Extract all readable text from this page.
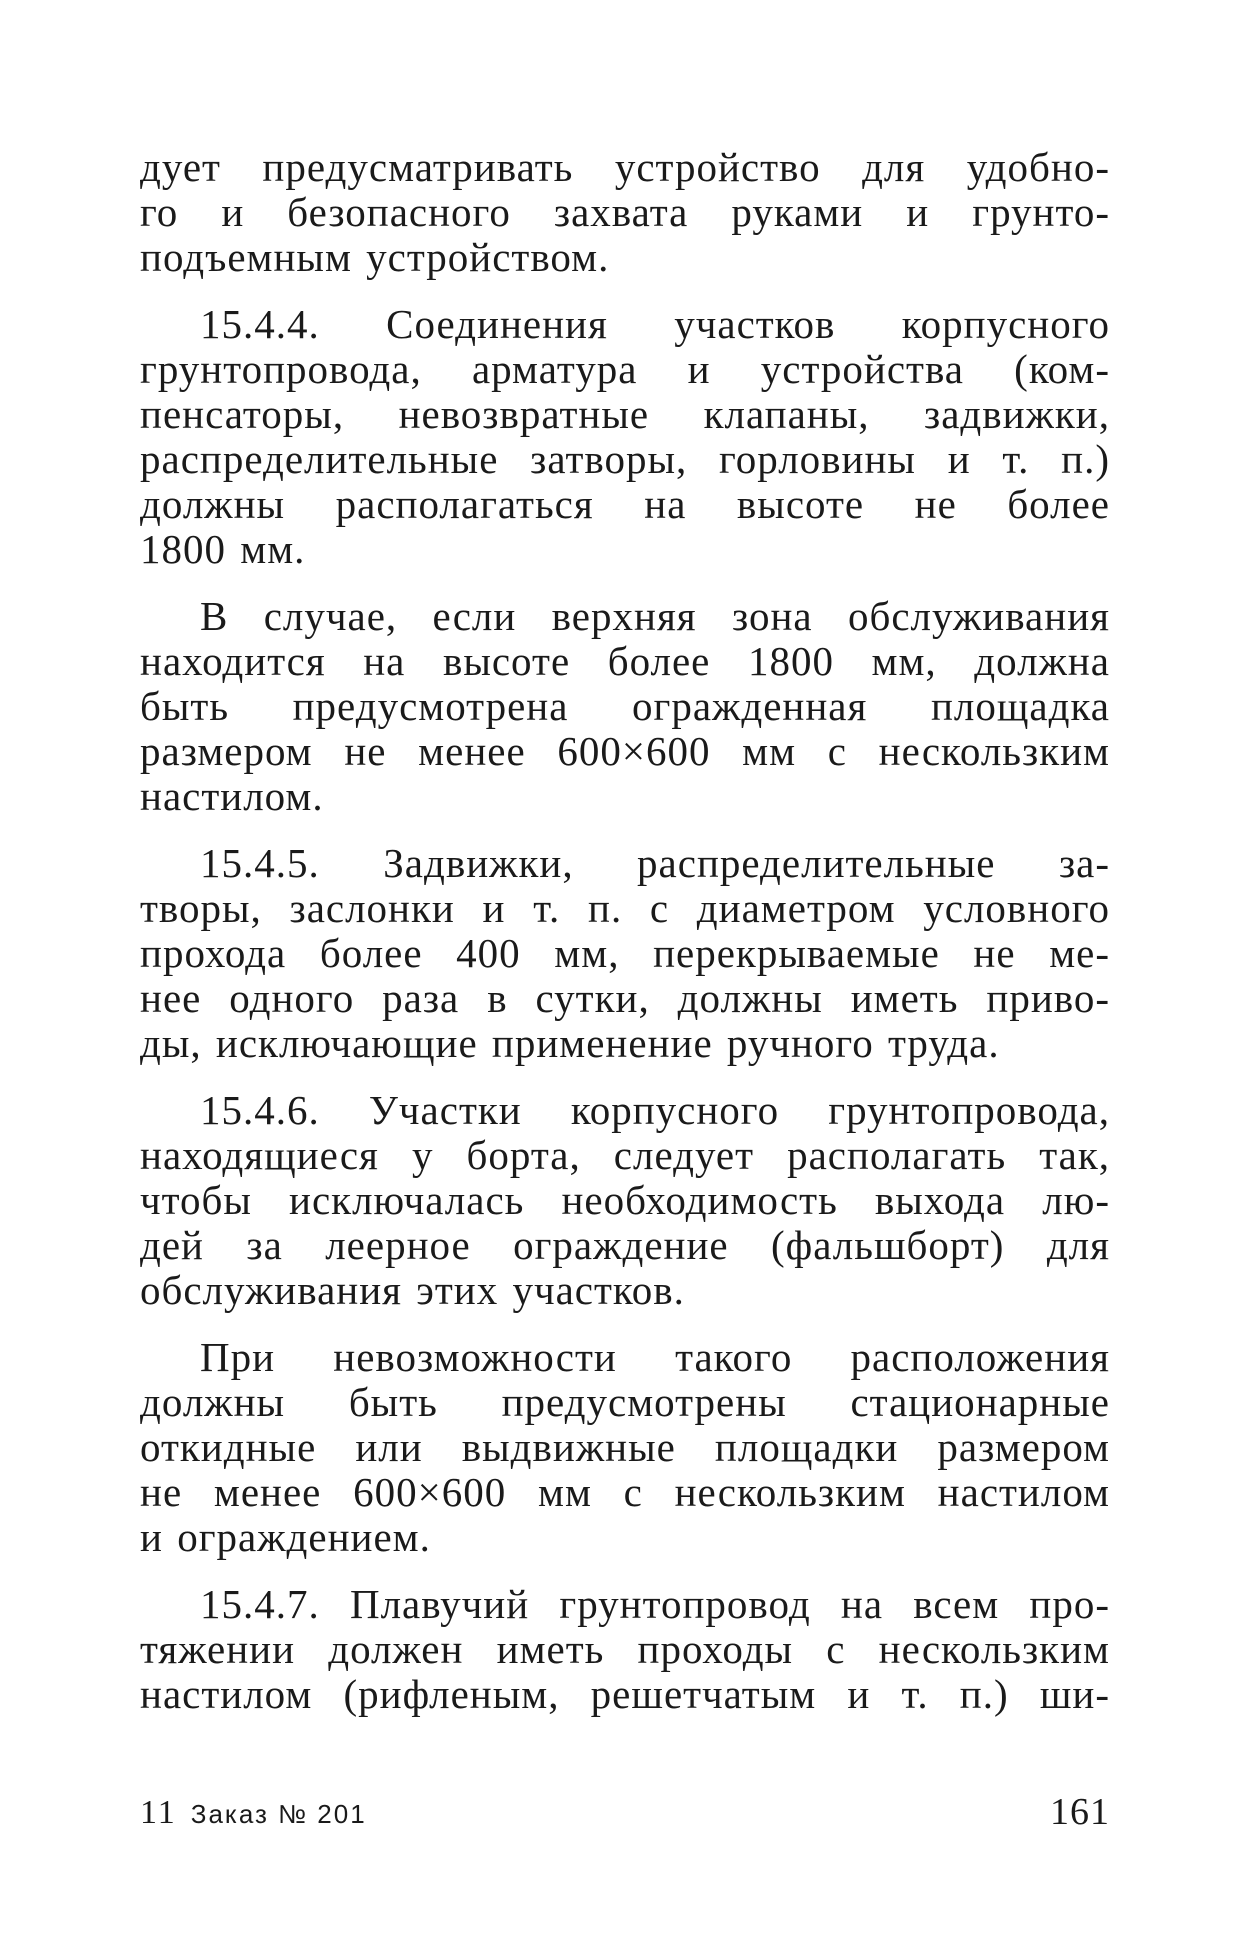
дует предусматривать устройство для удобно-
го и безопасного захвата руками и грунто-
подъемным устройством.

15.4.4. Соединения участков корпусного
грунтопровода, арматура и устройства (ком-
пенсаторы, невозвратные клапаны, задвижки,
распределительные затворы, горловины и т. п.)
должны располагаться на высоте не более
1800 мм.

В случае, если верхняя зона обслуживания
находится на высоте более 1800 мм, должна
быть предусмотрена огражденная площадка
размером не менее 600×600 мм с нескользким
настилом.

15.4.5. Задвижки, распределительные за-
творы, заслонки и т. п. с диаметром условного
прохода более 400 мм, перекрываемые не ме-
нее одного раза в сутки, должны иметь приво-
ды, исключающие применение ручного труда.

15.4.6. Участки корпусного грунтопровода,
находящиеся у борта, следует располагать так,
чтобы исключалась необходимость выхода лю-
дей за леерное ограждение (фальшборт) для
обслуживания этих участков.

При невозможности такого расположения
должны быть предусмотрены стационарные
откидные или выдвижные площадки размером
не менее 600×600 мм с нескользким настилом
и ограждением.

15.4.7. Плавучий грунтопровод на всем про-
тяжении должен иметь проходы с нескользким
настилом (рифленым, решетчатым и т. п.) ши-

11 Заказ № 201	161
